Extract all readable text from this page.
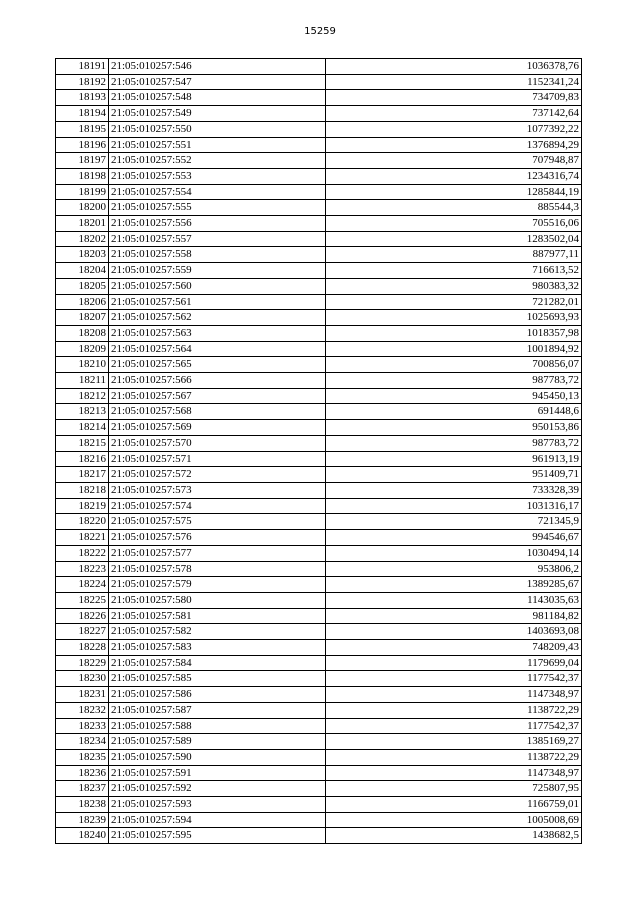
15259
18191	21:05:010257:546	1036378,76
18192	21:05:010257:547	1152341,24
18193	21:05:010257:548	734709,83
18194	21:05:010257:549	737142,64
18195	21:05:010257:550	1077392,22
18196	21:05:010257:551	1376894,29
18197	21:05:010257:552	707948,87
18198	21:05:010257:553	1234316,74
18199	21:05:010257:554	1285844,19
18200	21:05:010257:555	885544,3
18201	21:05:010257:556	705516,06
18202	21:05:010257:557	1283502,04
18203	21:05:010257:558	887977,11
18204	21:05:010257:559	716613,52
18205	21:05:010257:560	980383,32
18206	21:05:010257:561	721282,01
18207	21:05:010257:562	1025693,93
18208	21:05:010257:563	1018357,98
18209	21:05:010257:564	1001894,92
18210	21:05:010257:565	700856,07
18211	21:05:010257:566	987783,72
18212	21:05:010257:567	945450,13
18213	21:05:010257:568	691448,6
18214	21:05:010257:569	950153,86
18215	21:05:010257:570	987783,72
18216	21:05:010257:571	961913,19
18217	21:05:010257:572	951409,71
18218	21:05:010257:573	733328,39
18219	21:05:010257:574	1031316,17
18220	21:05:010257:575	721345,9
18221	21:05:010257:576	994546,67
18222	21:05:010257:577	1030494,14
18223	21:05:010257:578	953806,2
18224	21:05:010257:579	1389285,67
18225	21:05:010257:580	1143035,63
18226	21:05:010257:581	981184,82
18227	21:05:010257:582	1403693,08
18228	21:05:010257:583	748209,43
18229	21:05:010257:584	1179699,04
18230	21:05:010257:585	1177542,37
18231	21:05:010257:586	1147348,97
18232	21:05:010257:587	1138722,29
18233	21:05:010257:588	1177542,37
18234	21:05:010257:589	1385169,27
18235	21:05:010257:590	1138722,29
18236	21:05:010257:591	1147348,97
18237	21:05:010257:592	725807,95
18238	21:05:010257:593	1166759,01
18239	21:05:010257:594	1005008,69
18240	21:05:010257:595	1438682,5
